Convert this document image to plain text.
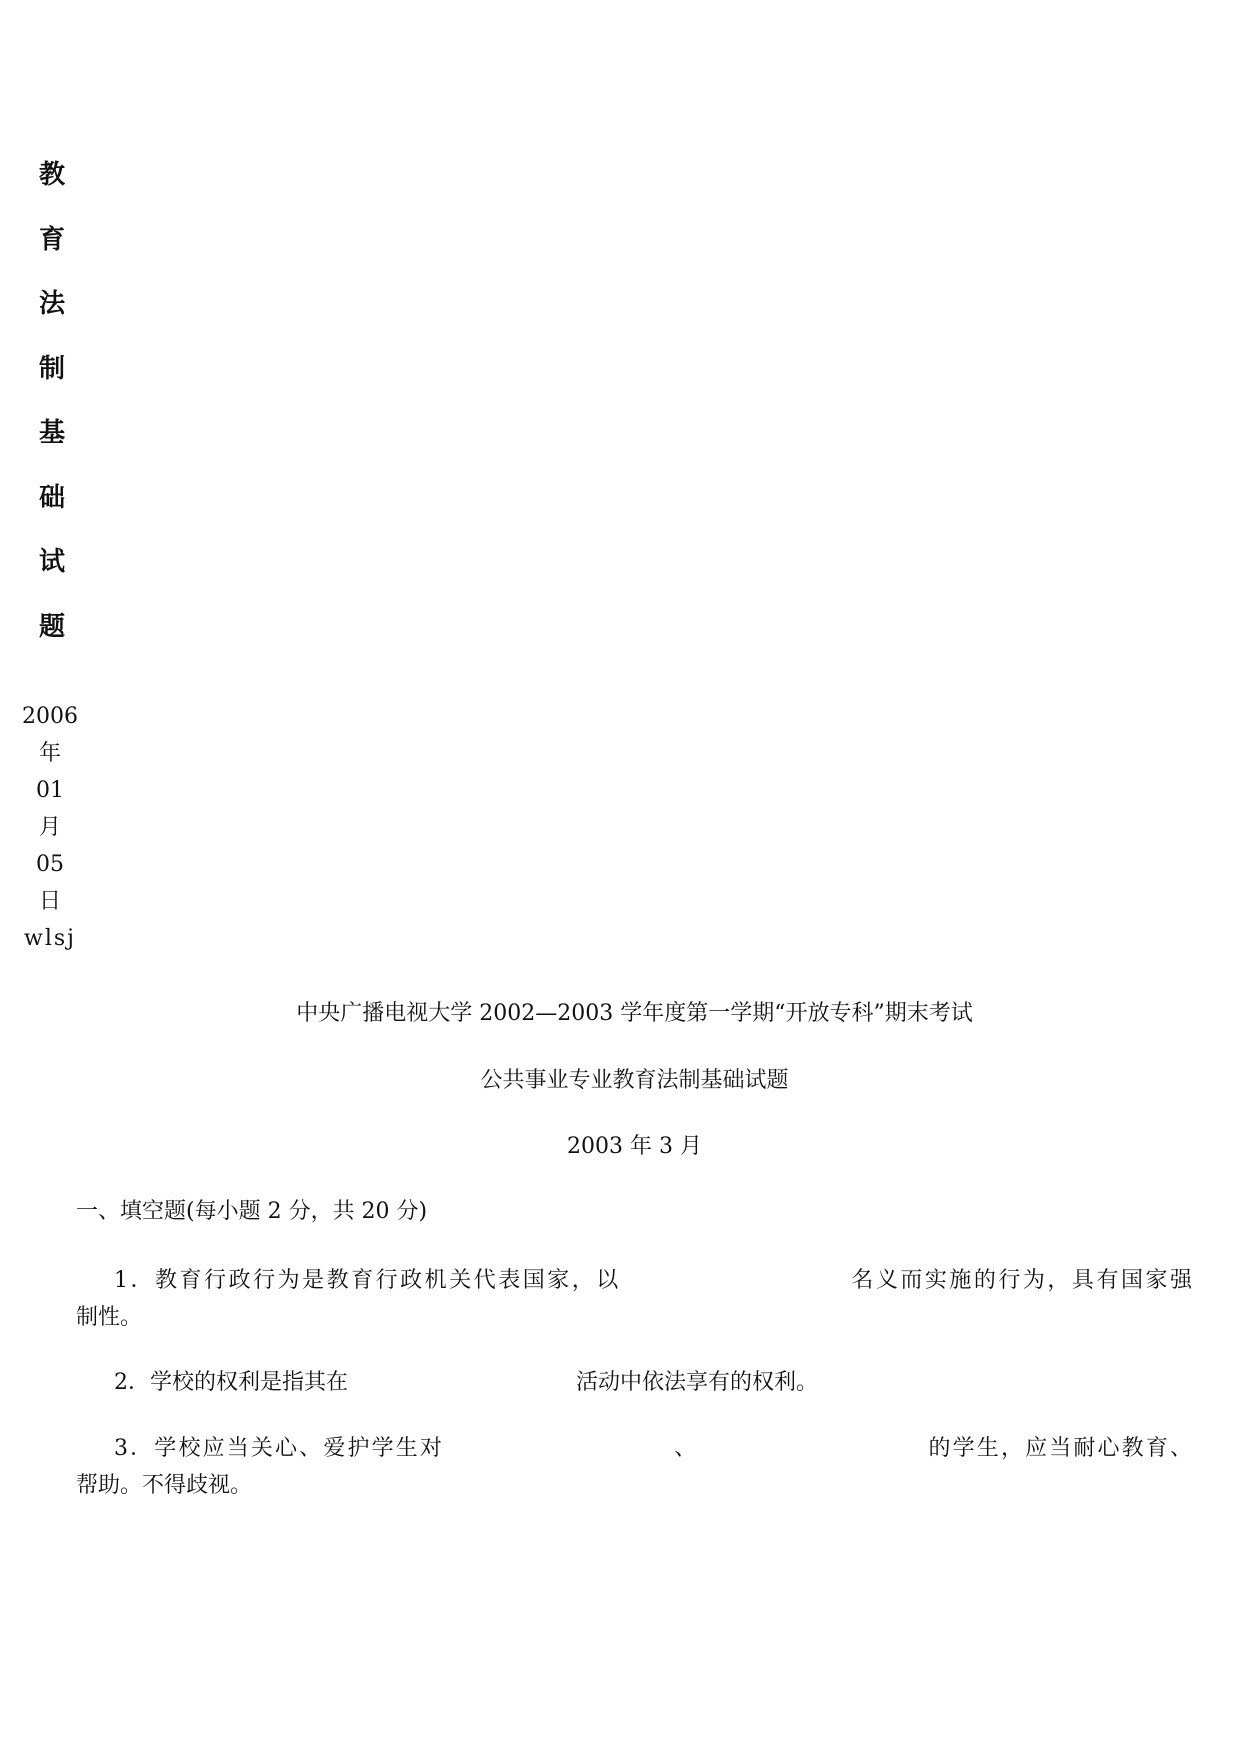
教
育
法
制
基
础
试
题
2006
年
01
月
05
日
wlsj
中央广播电视大学 2002—2003 学年度第一学期“开放专科”期末考试
公共事业专业教育法制基础试题
2003 年 3 月
一、填空题(每小题 2 分，共 20 分)
1．教育行政行为是教育行政机关代表国家，以	名义而实施的行为，具有国家强
制性。
2．学校的权利是指其在	活动中依法享有的权利。
3．学校应当关心、爱护学生对	、	的学生，应当耐心教育、
帮助。不得歧视。
